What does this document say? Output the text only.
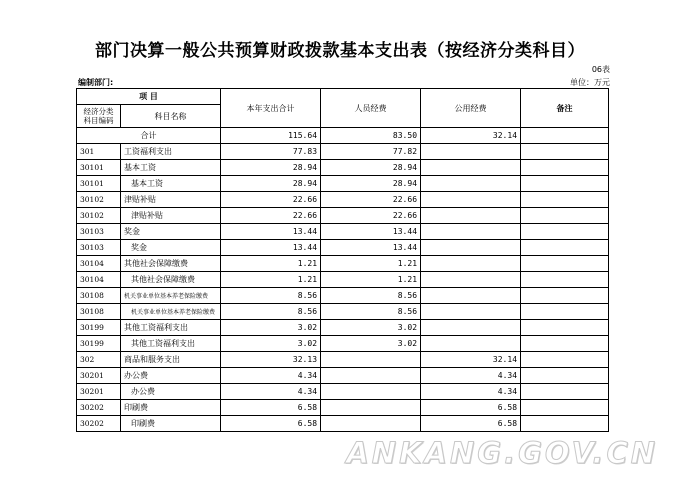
部门决算一般公共预算财政拨款基本支出表（按经济分类科目）
06表
编制部门:	单位：万元
项 目		本年支出合计	人员经费	公用经费	备注
经济分类科目编码	科目名称				
合计		115.64	83.50	32.14	
301	工资福利支出	77.83	77.82		
30101	基本工资	28.94	28.94		
30101	基本工资	28.94	28.94		
30102	津贴补贴	22.66	22.66		
30102	津贴补贴	22.66	22.66		
30103	奖金	13.44	13.44		
30103	奖金	13.44	13.44		
30104	其他社会保障缴费	1.21	1.21		
30104	其他社会保障缴费	1.21	1.21		
30108	机关事业单位基本养老保险缴费	8.56	8.56		
30108	机关事业单位基本养老保险缴费	8.56	8.56		
30199	其他工资福利支出	3.02	3.02		
30199	其他工资福利支出	3.02	3.02		
302	商品和服务支出	32.13		32.14	
30201	办公费	4.34		4.34	
30201	办公费	4.34		4.34	
30202	印刷费	6.58		6.58	
30202	印刷费	6.58		6.58	
ANKANG.GOV.CN
